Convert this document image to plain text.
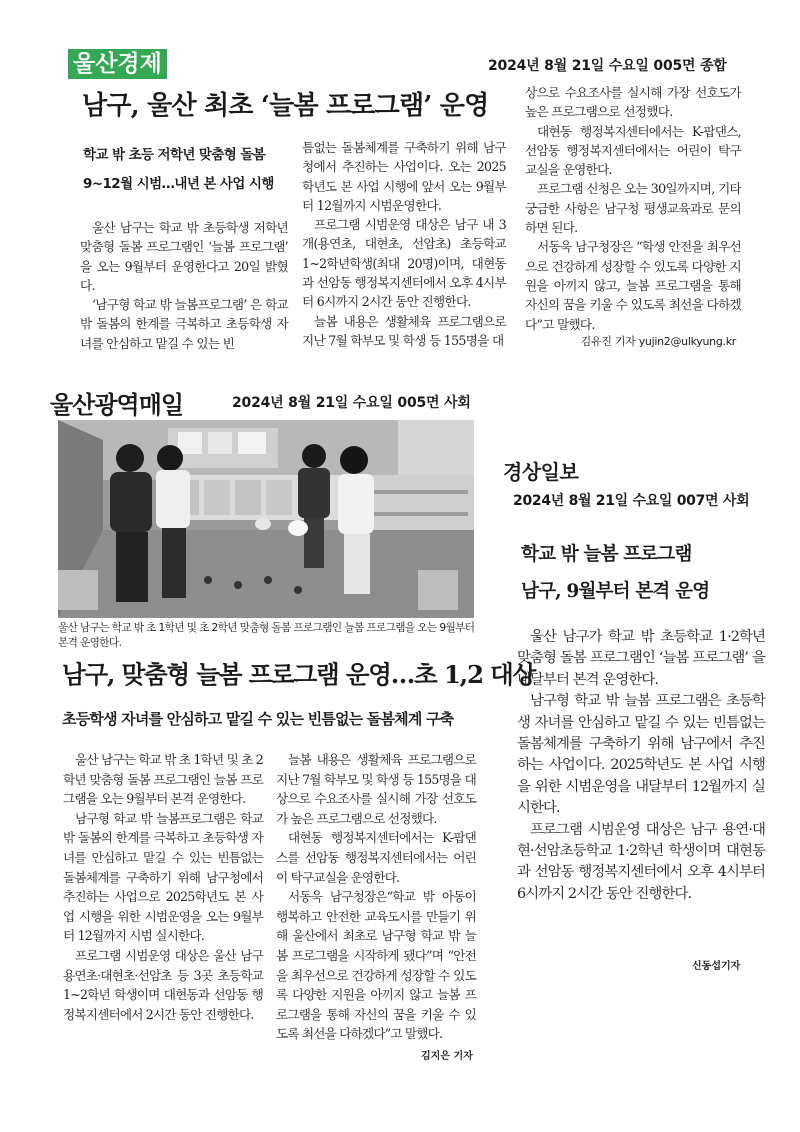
울산경제	2024년 8월 21일 수요일 005면 종합
남구, 울산 최초 ‘늘봄 프로그램’ 운영
학교 밖 초등 저학년 맞춤형 돌봄
9~12월 시범…내년 본 사업 시행

울산 남구는 학교 밖 초등학생 저학년 맞춤형 돌봄 프로그램인 ‘늘봄 프로그램’ 을 오는 9월부터 운영한다고 20일 밝혔다.

‘남구형 학교 밖 늘봄프로그램’ 은 학교 밖 돌봄의 한계를 극복하고 초등학생 자녀를 안심하고 맡길 수 있는 빈

틈없는 돌봄체계를 구축하기 위해 남구청에서 추진하는 사업이다. 오는 2025학년도 본 사업 시행에 앞서 오는 9월부터 12월까지 시범운영한다.

프로그램 시범운영 대상은 남구 내 3개(용연초, 대현초, 선암초) 초등학교 1~2학년학생(최대 20명)이며, 대현동과 선암동 행정복지센터에서 오후 4시부터 6시까지 2시간 동안 진행한다.

늘봄 내용은 생활체육 프로그램으로 지난 7월 학부모 및 학생 등 155명을 대

상으로 수요조사를 실시해 가장 선호도가 높은 프로그램으로 선정했다.

대현동 행정복지센터에서는 K-팝댄스, 선암동 행정복지센터에서는 어린이 탁구교실을 운영한다.

프로그램 신청은 오는 30일까지며, 기타 궁금한 사항은 남구청 평생교육과로 문의하면 된다.

서동욱 남구청장은 “학생 안전을 최우선으로 건강하게 성장할 수 있도록 다양한 지원을 아끼지 않고, 늘봄 프로그램을 통해 자신의 꿈을 키울 수 있도록 최선을 다하겠다”고 말했다.

김유진 기자 yujin2@ulkyung.kr
울산광역매일	2024년 8월 21일 수요일 005면 사회
울산 남구는 학교 밖 초 1학년 및 초 2학년 맞춤형 돌봄 프로그램인 늘봄 프로그램을 오는 9월부터 본격 운영한다.
남구, 맞춤형 늘봄 프로그램 운영…초 1,2 대상
초등학생 자녀를 안심하고 맡길 수 있는 빈틈없는 돌봄체계 구축

울산 남구는 학교 밖 초 1학년 및 초 2학년 맞춤형 돌봄 프로그램인 늘봄 프로그램을 오는 9월부터 본격 운영한다.

남구형 학교 밖 늘봄프로그램은 학교 밖 돌봄의 한계를 극복하고 초등학생 자녀를 안심하고 맡길 수 있는 빈틈없는 돌봄체계를 구축하기 위해 남구청에서 추진하는 사업으로 2025학년도 본 사업 시행을 위한 시범운영을 오는 9월부터 12월까지 시범 실시한다.

프로그램 시범운영 대상은 울산 남구 용연초·대현초·선암초 등 3곳 초등학교 1~2학년 학생이며 대현동과 선암동 행정복지센터에서 2시간 동안 진행한다.

늘봄 내용은 생활체육 프로그램으로 지난 7월 학부모 및 학생 등 155명을 대상으로 수요조사를 실시해 가장 선호도가 높은 프로그램으로 선정했다.

대현동 행정복지센터에서는 K-팝댄스를 선암동 행정복지센터에서는 어린이 탁구교실을 운영한다.

서동욱 남구청장은“학교 밖 아동이 행복하고 안전한 교육도시를 만들기 위해 울산에서 최초로 남구형 학교 밖 늘봄 프로그램을 시작하게 됐다”며 “안전을 최우선으로 건강하게 성장할 수 있도록 다양한 지원을 아끼지 않고 늘봄 프로그램을 통해 자신의 꿈을 키울 수 있도록 최선을 다하겠다”고 말했다.

김지은 기자
경상일보
2024년 8월 21일 수요일 007면 사회
학교 밖 늘봄 프로그램
남구, 9월부터 본격 운영

울산 남구가 학교 밖 초등학교 1·2학년 맞춤형 돌봄 프로그램인 ‘늘봄 프로그램’ 을 내달부터 본격 운영한다.

남구형 학교 밖 늘봄 프로그램은 초등학생 자녀를 안심하고 맡길 수 있는 빈틈없는 돌봄체계를 구축하기 위해 남구에서 추진하는 사업이다. 2025학년도 본 사업 시행을 위한 시범운영을 내달부터 12월까지 실시한다.

프로그램 시범운영 대상은 남구 용연·대현·선암초등학교 1·2학년 학생이며 대현동과 선암동 행정복지센터에서 오후 4시부터 6시까지 2시간 동안 진행한다.

신동섭기자
